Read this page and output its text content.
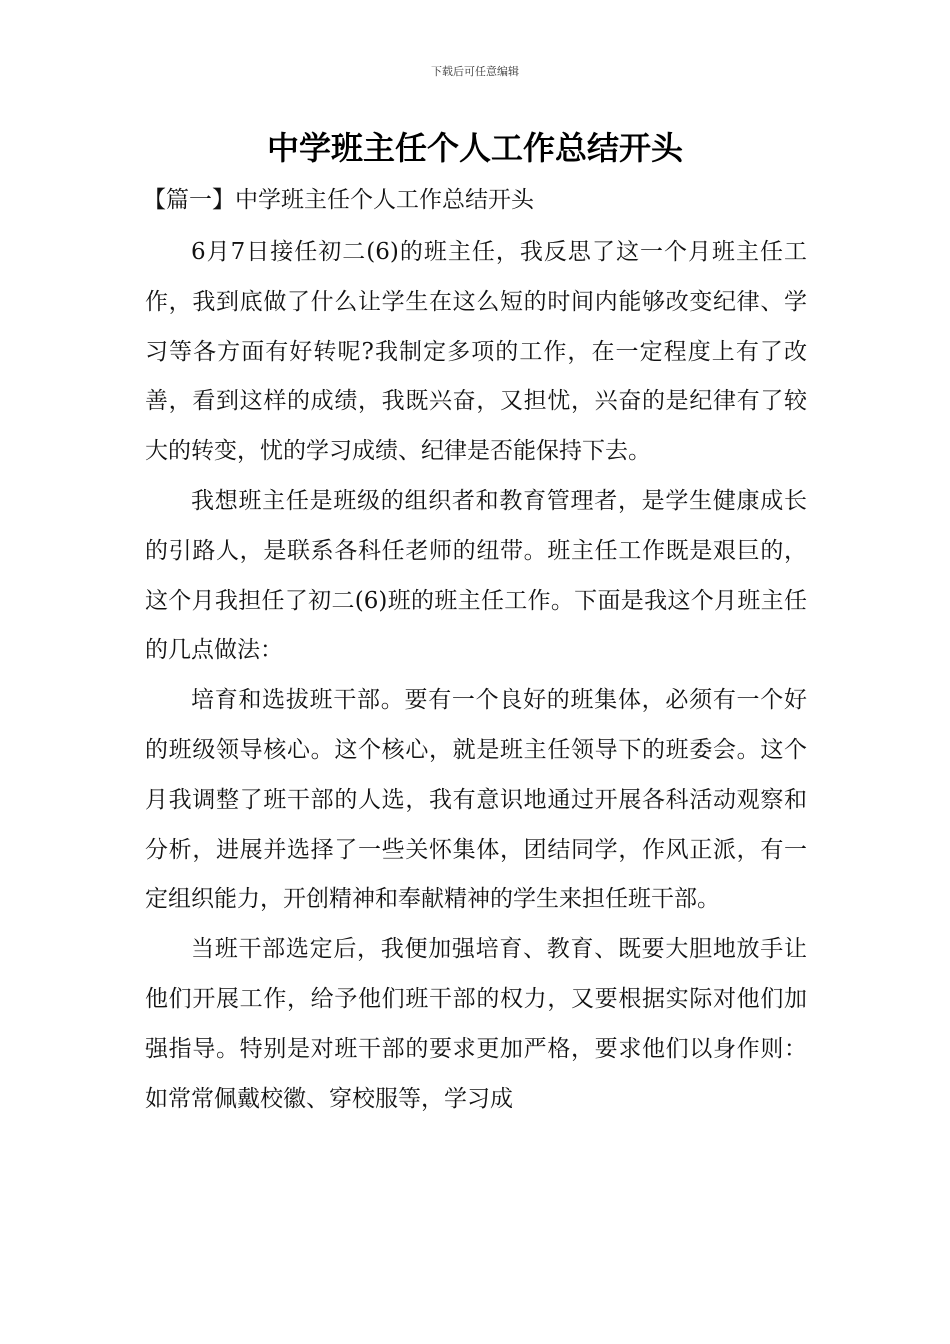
下载后可任意编辑
中学班主任个人工作总结开头
【篇一】中学班主任个人工作总结开头

6月7日接任初二(6)的班主任，我反思了这一个月班主任工作，我到底做了什么让学生在这么短的时间内能够改变纪律、学习等各方面有好转呢?我制定多项的工作，在一定程度上有了改善，看到这样的成绩，我既兴奋，又担忧，兴奋的是纪律有了较大的转变，忧的学习成绩、纪律是否能保持下去。

我想班主任是班级的组织者和教育管理者，是学生健康成长的引路人，是联系各科任老师的纽带。班主任工作既是艰巨的，这个月我担任了初二(6)班的班主任工作。下面是我这个月班主任的几点做法：

培育和选拔班干部。要有一个良好的班集体，必须有一个好的班级领导核心。这个核心，就是班主任领导下的班委会。这个月我调整了班干部的人选，我有意识地通过开展各科活动观察和分析，进展并选择了一些关怀集体，团结同学，作风正派，有一定组织能力，开创精神和奉献精神的学生来担任班干部。

当班干部选定后，我便加强培育、教育、既要大胆地放手让他们开展工作，给予他们班干部的权力，又要根据实际对他们加强指导。特别是对班干部的要求更加严格，要求他们以身作则：如常常佩戴校徽、穿校服等，学习成
